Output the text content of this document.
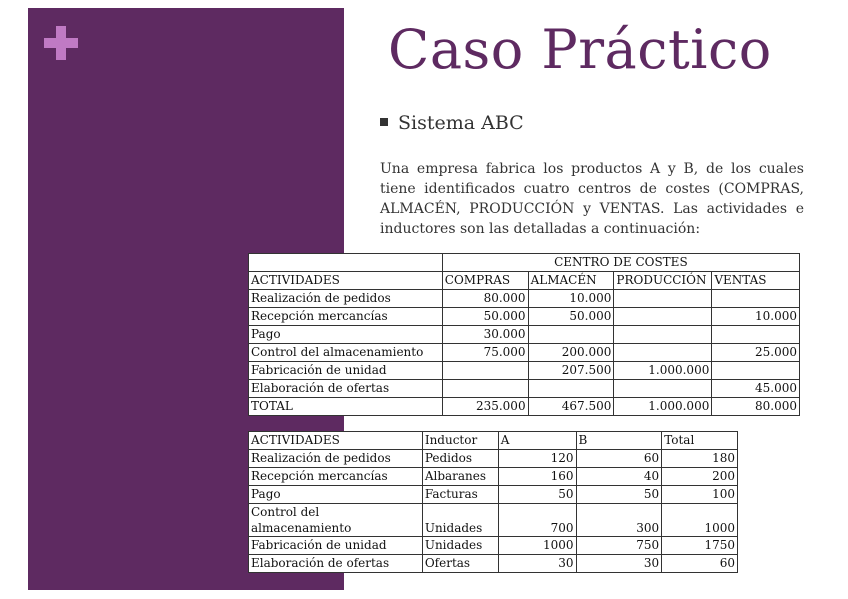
Caso Práctico
Sistema ABC
Una empresa fabrica los productos A y B, de los cuales tiene identificados cuatro centros de costes (COMPRAS, ALMACÉN, PRODUCCIÓN y VENTAS. Las actividades e inductores son las detalladas a continuación:
	CENTRO DE COSTES			
ACTIVIDADES	COMPRAS	ALMACÉN	PRODUCCIÓN	VENTAS
Realización de pedidos	80.000	10.000		
Recepción mercancías	50.000	50.000		10.000
Pago	30.000			
Control del almacenamiento	75.000	200.000		25.000
Fabricación de unidad		207.500	1.000.000	
Elaboración de ofertas				45.000
TOTAL	235.000	467.500	1.000.000	80.000
ACTIVIDADES	Inductor	A	B	Total
Realización de pedidos	Pedidos	120	60	180
Recepción mercancías	Albaranes	160	40	200
Pago	Facturas	50	50	100
Control del almacenamiento	Unidades	700	300	1000
Fabricación de unidad	Unidades	1000	750	1750
Elaboración de ofertas	Ofertas	30	30	60
